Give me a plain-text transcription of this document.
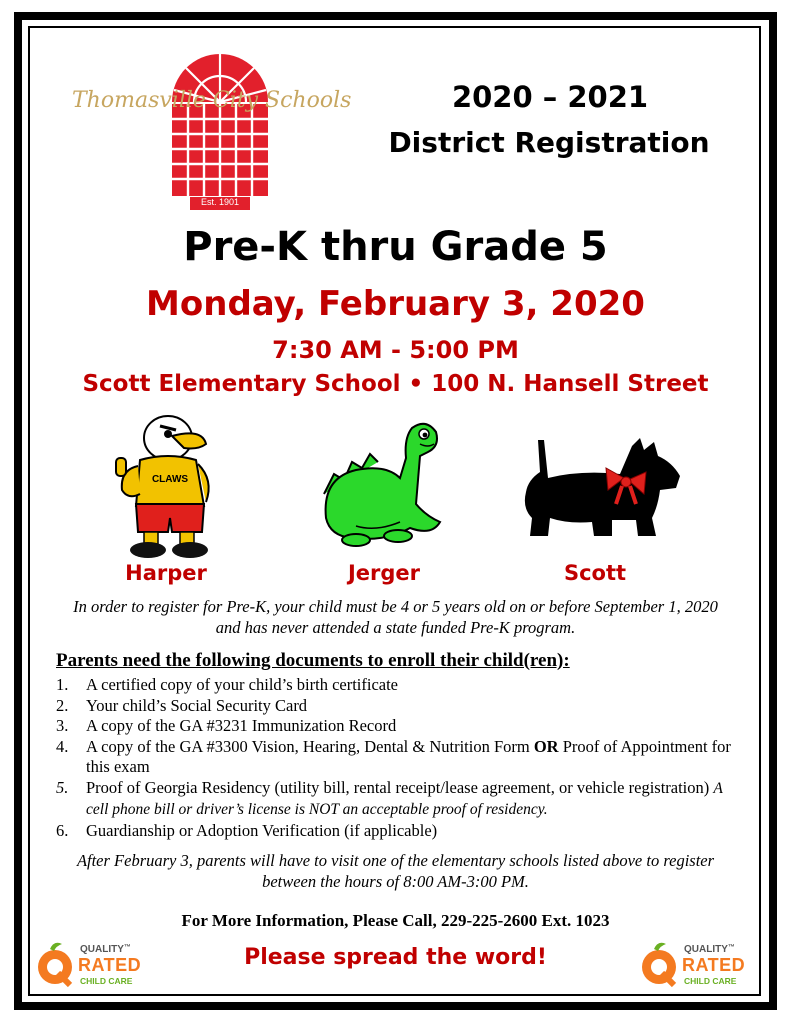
Est. 1901
Thomasville City Schools	2020 – 2021
District Registration
Pre-K thru Grade 5
Monday, February 3, 2020
7:30 AM - 5:00 PM
Scott Elementary School • 100 N. Hansell Street
CLAWS
Harper	Jerger	Scott
In order to register for Pre-K, your child must be 4 or 5 years old on or before September 1, 2020 and has never attended a state funded Pre-K program.
Parents need the following documents to enroll their child(ren):
1. A certified copy of your child’s birth certificate
2. Your child’s Social Security Card
3. A copy of the GA #3231 Immunization Record
4. A copy of the GA #3300 Vision, Hearing, Dental & Nutrition Form OR Proof of Appointment for this exam
5. Proof of Georgia Residency (utility bill, rental receipt/lease agreement, or vehicle registration) A cell phone bill or driver’s license is NOT an acceptable proof of residency.
6. Guardianship or Adoption Verification (if applicable)
After February 3, parents will have to visit one of the elementary schools listed above to register between the hours of 8:00 AM-3:00 PM.
For More Information, Please Call, 229-225-2600 Ext. 1023
Please spread the word!
QUALITY™
RATED
CHILD CARE
QUALITY™
RATED
CHILD CARE
